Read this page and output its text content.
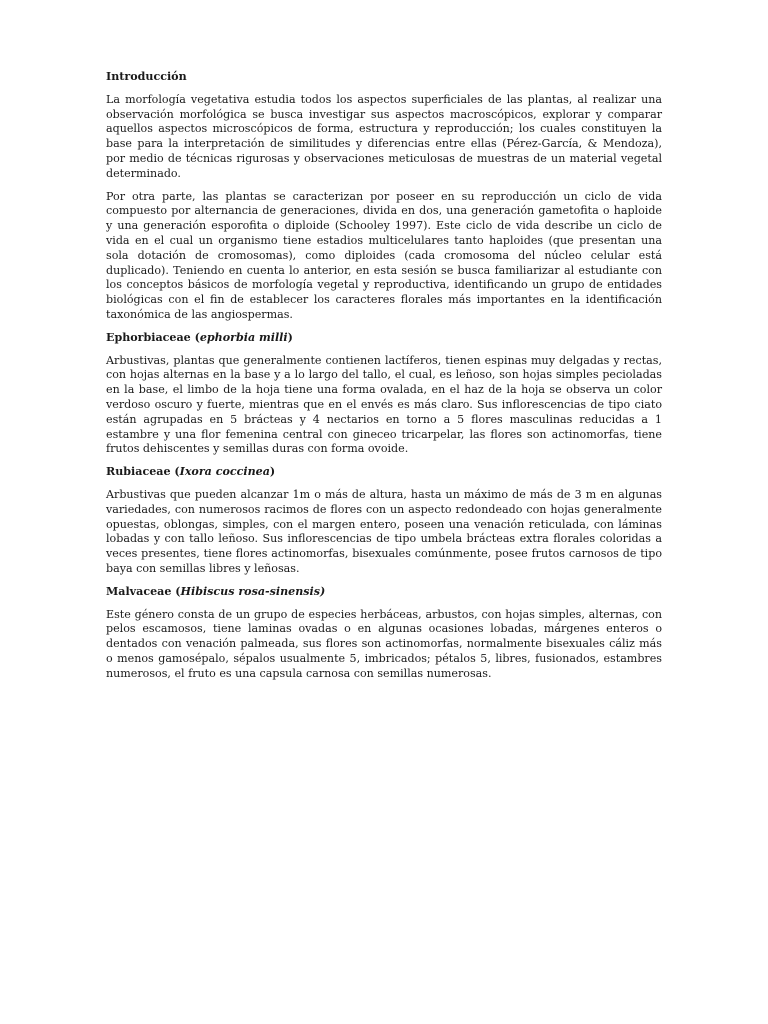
Introducción

La morfología vegetativa estudia todos los aspectos superficiales de las plantas, al realizar una observación morfológica se busca investigar sus aspectos macroscópicos, explorar y comparar aquellos aspectos microscópicos de forma, estructura y reproducción; los cuales constituyen la base para la interpretación de similitudes y diferencias entre ellas (Pérez-García, & Mendoza), por medio de técnicas rigurosas y observaciones meticulosas de muestras de un material vegetal determinado.

Por otra parte, las plantas se caracterizan por poseer en su reproducción un ciclo de vida compuesto por alternancia de generaciones, divida en dos, una generación gametofita o haploide y una generación esporofita o diploide (Schooley 1997). Este ciclo de vida describe un ciclo de vida en el cual un organismo tiene estadios multicelulares tanto haploides (que presentan una sola dotación de cromosomas), como diploides (cada cromosoma del núcleo celular está duplicado). Teniendo en cuenta lo anterior, en esta sesión se busca familiarizar al estudiante con los conceptos básicos de morfología vegetal y reproductiva, identificando un grupo de entidades biológicas con el fin de establecer los caracteres florales más importantes en la identificación taxonómica de las angiospermas.

Ephorbiaceae (ephorbia milli)

Arbustivas, plantas que generalmente contienen lactíferos, tienen espinas muy delgadas y rectas, con hojas alternas en la base y a lo largo del tallo, el cual, es leñoso, son hojas simples pecioladas en la base, el limbo de la hoja tiene una forma ovalada, en el haz de la hoja se observa un color verdoso oscuro y fuerte, mientras que en el envés es más claro. Sus inflorescencias de tipo ciato están agrupadas en 5 brácteas y 4 nectarios en torno a 5 flores masculinas reducidas a 1 estambre y una flor femenina central con gineceo tricarpelar, las flores son actinomorfas, tiene frutos dehiscentes y semillas duras con forma ovoide.

Rubiaceae (Ixora coccinea)

Arbustivas que pueden alcanzar 1m o más de altura, hasta un máximo de más de 3 m en algunas variedades, con numerosos racimos de flores con un aspecto redondeado con hojas generalmente opuestas, oblongas, simples, con el margen entero, poseen una venación reticulada, con láminas lobadas y con tallo leñoso. Sus inflorescencias de tipo umbela brácteas extra florales coloridas a veces presentes, tiene flores actinomorfas, bisexuales comúnmente, posee frutos carnosos de tipo baya con semillas libres y leñosas.

Malvaceae (Hibiscus rosa-sinensis)

Este género consta de un grupo de especies herbáceas, arbustos, con hojas simples, alternas, con pelos escamosos, tiene laminas ovadas o en algunas ocasiones lobadas, márgenes enteros o dentados con venación palmeada, sus flores son actinomorfas, normalmente bisexuales cáliz más o menos gamosépalo, sépalos usualmente 5, imbricados; pétalos 5, libres, fusionados, estambres numerosos, el fruto es una capsula carnosa con semillas numerosas.
